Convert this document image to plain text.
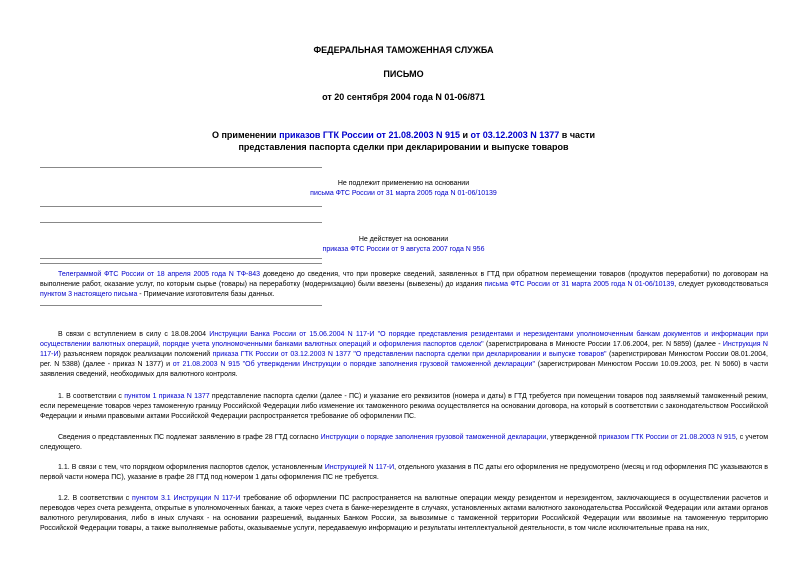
ФЕДЕРАЛЬНАЯ ТАМОЖЕННАЯ СЛУЖБА
ПИСЬМО
от 20 сентября 2004 года N 01-06/871
О применении приказов ГТК России от 21.08.2003 N 915 и от 03.12.2003 N 1377 в части
представления паспорта сделки при декларировании и выпуске товаров
Не подлежит применению на основании
письма ФТС России от 31 марта 2005 года N 01-06/10139
Не действует на основании
приказа ФТС России от 9 августа 2007 года N 956

Телеграммой ФТС России от 18 апреля 2005 года N ТФ-843 доведено до сведения, что при проверке сведений, заявленных в ГТД при обратном перемещении товаров (продуктов переработки) по договорам на выполнение работ, оказание услуг, по которым сырье (товары) на переработку (модернизацию) были ввезены (вывезены) до издания письма ФТС России от 31 марта 2005 года N 01-06/10139, следует руководствоваться пунктом 3 настоящего письма - Примечание изготовителя базы данных.

В связи с вступлением в силу с 18.08.2004 Инструкции Банка России от 15.06.2004 N 117-И "О порядке представления резидентами и нерезидентами уполномоченным банкам документов и информации при осуществлении валютных операций, порядке учета уполномоченными банками валютных операций и оформления паспортов сделок" (зарегистрирована в Минюсте России 17.06.2004, рег. N 5859) (далее - Инструкция N 117-И) разъясняем порядок реализации положений приказа ГТК России от 03.12.2003 N 1377 "О представлении паспорта сделки при декларировании и выпуске товаров" (зарегистрирован Минюстом России 08.01.2004, рег. N 5388) (далее - приказ N 1377) и от 21.08.2003 N 915 "Об утверждении Инструкции о порядке заполнения грузовой таможенной декларации" (зарегистрирован Минюстом России 10.09.2003, рег. N 5060) в части заявления сведений, необходимых для валютного контроля.

1. В соответствии с пунктом 1 приказа N 1377 представление паспорта сделки (далее - ПС) и указание его реквизитов (номера и даты) в ГТД требуется при помещении товаров под заявляемый таможенный режим, если перемещение товаров через таможенную границу Российской Федерации либо изменение их таможенного режима осуществляется на основании договора, на который в соответствии с законодательством Российской Федерации и иными правовыми актами Российской Федерации распространяется требование об оформлении ПС.

Сведения о представленных ПС подлежат заявлению в графе 28 ГТД согласно Инструкции о порядке заполнения грузовой таможенной декларации, утвержденной приказом ГТК России от 21.08.2003 N 915, с учетом следующего.

1.1. В связи с тем, что порядком оформления паспортов сделок, установленным Инструкцией N 117-И, отдельного указания в ПС даты его оформления не предусмотрено (месяц и год оформления ПС указываются в первой части номера ПС), указание в графе 28 ГТД под номером 1 даты оформления ПС не требуется.

1.2. В соответствии с пунктом 3.1 Инструкции N 117-И требование об оформлении ПС распространяется на валютные операции между резидентом и нерезидентом, заключающиеся в осуществлении расчетов и переводов через счета резидента, открытые в уполномоченных банках, а также через счета в банке-нерезиденте в случаях, установленных актами валютного законодательства Российской Федерации или актами органов валютного регулирования, либо в иных случаях - на основании разрешений, выданных Банком России, за вывозимые с таможенной территории Российской Федерации или ввозимые на таможенную территорию Российской Федерации товары, а также выполняемые работы, оказываемые услуги, передаваемую информацию и результаты интеллектуальной деятельности, в том числе исключительные права на них,
